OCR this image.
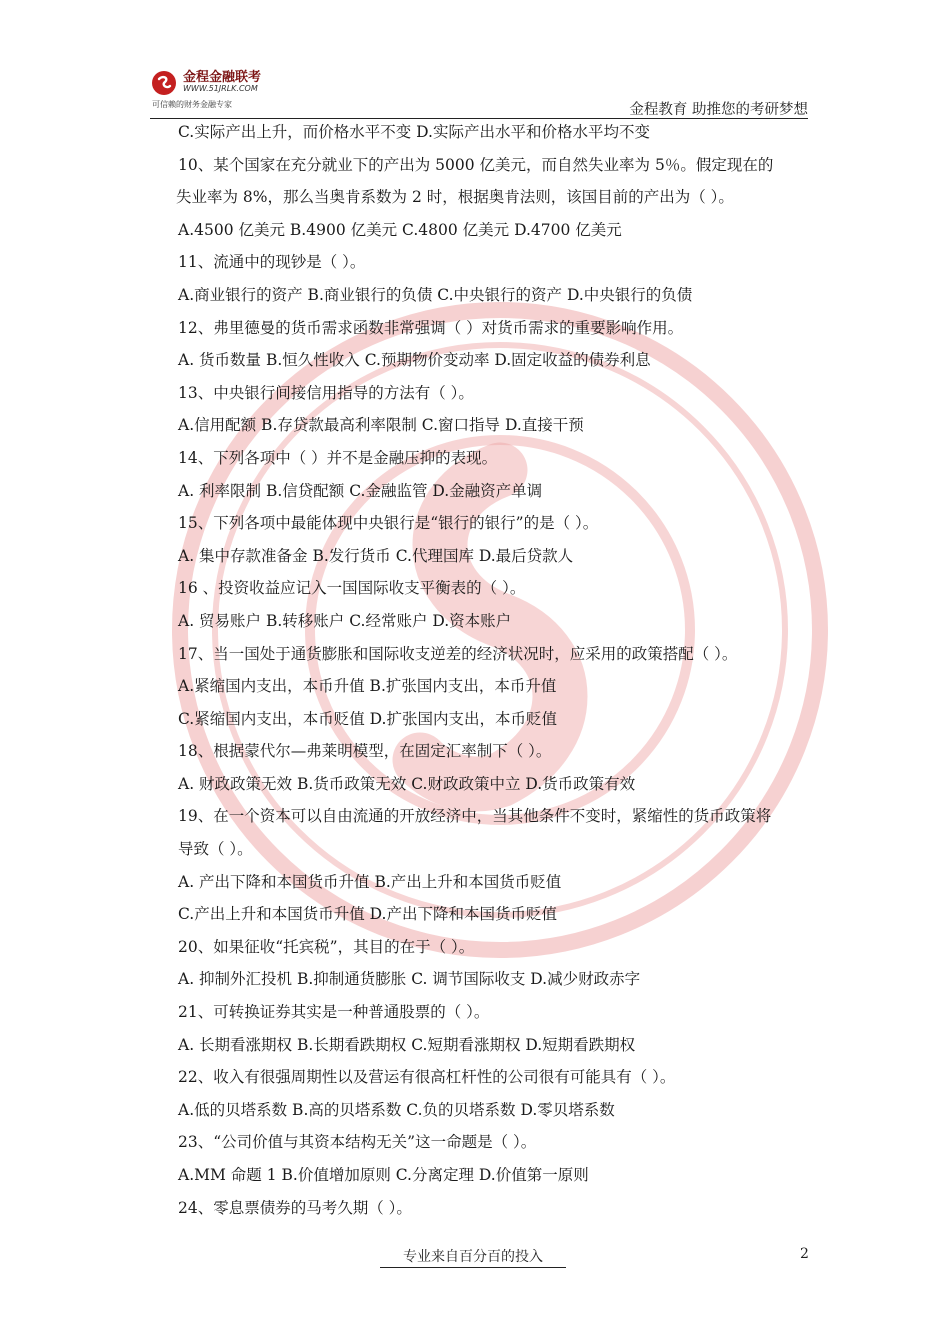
金程金融联考
WWW.51JRLK.COM
可信赖的财务金融专家	金程教育 助推您的考研梦想
C.实际产出上升，而价格水平不变 D.实际产出水平和价格水平均不变
10、某个国家在充分就业下的产出为 5000 亿美元，而自然失业率为 5％。假定现在的
失业率为 8%，那么当奥肯系数为 2 时，根据奥肯法则，该国目前的产出为（ ）。
A.4500 亿美元 B.4900 亿美元 C.4800 亿美元 D.4700 亿美元
11、流通中的现钞是（ ）。
A.商业银行的资产 B.商业银行的负债 C.中央银行的资产 D.中央银行的负债
12、弗里德曼的货币需求函数非常强调（ ）对货币需求的重要影响作用。
A. 货币数量 B.恒久性收入 C.预期物价变动率 D.固定收益的债券利息
13、中央银行间接信用指导的方法有（ ）。
A.信用配额 B.存贷款最高利率限制 C.窗口指导 D.直接干预
14、下列各项中（ ）并不是金融压抑的表现。
A. 利率限制 B.信贷配额 C.金融监管 D.金融资产单调
15、下列各项中最能体现中央银行是“银行的银行”的是（ ）。
A. 集中存款准备金 B.发行货币 C.代理国库 D.最后贷款人
16 、投资收益应记入一国国际收支平衡表的（ ）。
A. 贸易账户 B.转移账户 C.经常账户 D.资本账户
17、当一国处于通货膨胀和国际收支逆差的经济状况时，应采用的政策搭配（ ）。
A.紧缩国内支出，本币升值 B.扩张国内支出，本币升值
C.紧缩国内支出，本币贬值 D.扩张国内支出，本币贬值
18、根据蒙代尔—弗莱明模型，在固定汇率制下（ ）。
A. 财政政策无效 B.货币政策无效 C.财政政策中立 D.货币政策有效
19、在一个资本可以自由流通的开放经济中，当其他条件不变时，紧缩性的货币政策将
导致（ ）。
A. 产出下降和本国货币升值 B.产出上升和本国货币贬值
C.产出上升和本国货币升值 D.产出下降和本国货币贬值
20、如果征收“托宾税”，其目的在于（ ）。
A. 抑制外汇投机 B.抑制通货膨胀 C. 调节国际收支 D.减少财政赤字
21、可转换证券其实是一种普通股票的（ ）。
A. 长期看涨期权 B.长期看跌期权 C.短期看涨期权 D.短期看跌期权
22、收入有很强周期性以及营运有很高杠杆性的公司很有可能具有（ ）。
A.低的贝塔系数 B.高的贝塔系数 C.负的贝塔系数 D.零贝塔系数
23、“公司价值与其资本结构无关”这一命题是（ ）。
A.MM 命题 1 B.价值增加原则 C.分离定理 D.价值第一原则
24、零息票债券的马考久期（ ）。
专业来自百分百的投入	2
